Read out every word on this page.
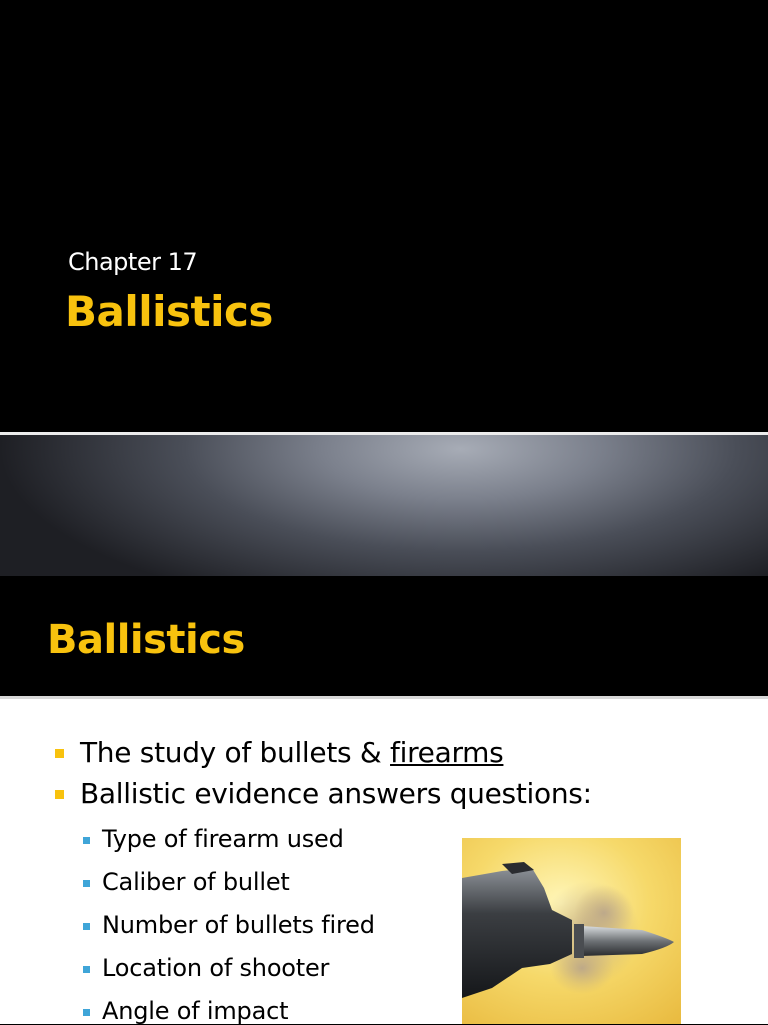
Chapter 17
Ballistics
Ballistics
The study of bullets & firearms
Ballistic evidence answers questions:
Type of firearm used
Caliber of bullet
Number of bullets fired
Location of shooter
Angle of impact
